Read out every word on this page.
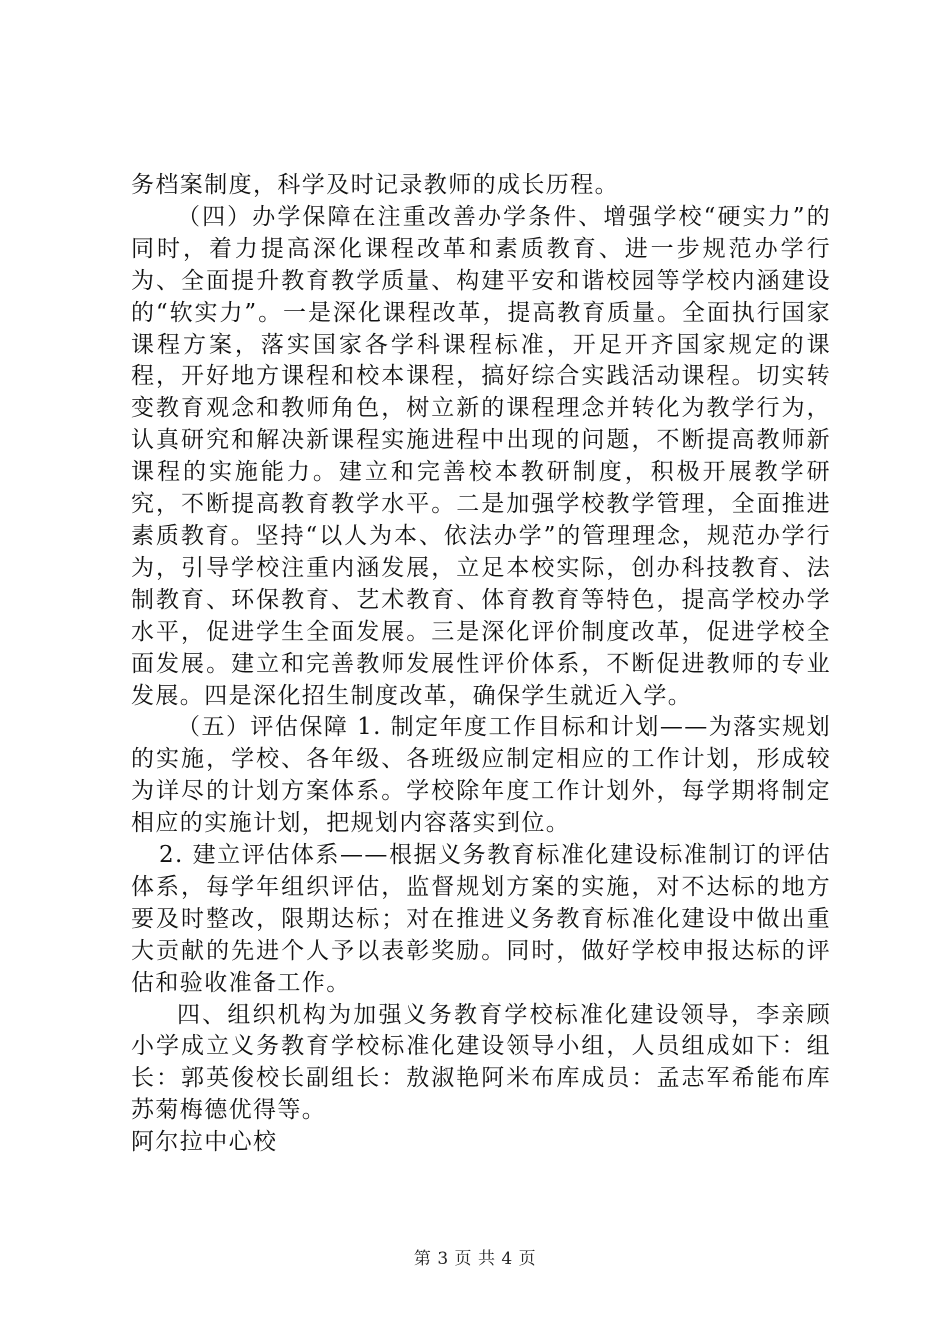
务档案制度，科学及时记录教师的成长历程。

（四）办学保障在注重改善办学条件、增强学校“硬实力”的同时，着力提高深化课程改革和素质教育、进一步规范办学行为、全面提升教育教学质量、构建平安和谐校园等学校内涵建设的“软实力”。一是深化课程改革，提高教育质量。全面执行国家课程方案，落实国家各学科课程标准，开足开齐国家规定的课程，开好地方课程和校本课程，搞好综合实践活动课程。切实转变教育观念和教师角色，树立新的课程理念并转化为教学行为，认真研究和解决新课程实施进程中出现的问题，不断提高教师新课程的实施能力。建立和完善校本教研制度，积极开展教学研究，不断提高教育教学水平。二是加强学校教学管理，全面推进素质教育。坚持“以人为本、依法办学”的管理理念，规范办学行为，引导学校注重内涵发展，立足本校实际，创办科技教育、法制教育、环保教育、艺术教育、体育教育等特色，提高学校办学水平，促进学生全面发展。三是深化评价制度改革，促进学校全面发展。建立和完善教师发展性评价体系，不断促进教师的专业发展。四是深化招生制度改革，确保学生就近入学。

（五）评估保障 1. 制定年度工作目标和计划——为落实规划的实施，学校、各年级、各班级应制定相应的工作计划，形成较为详尽的计划方案体系。学校除年度工作计划外，每学期将制定相应的实施计划，把规划内容落实到位。

2. 建立评估体系——根据义务教育标准化建设标准制订的评估体系，每学年组织评估，监督规划方案的实施，对不达标的地方要及时整改，限期达标；对在推进义务教育标准化建设中做出重大贡献的先进个人予以表彰奖励。同时，做好学校申报达标的评估和验收准备工作。

四、组织机构为加强义务教育学校标准化建设领导，李亲顾小学成立义务教育学校标准化建设领导小组，人员组成如下：组长：郭英俊校长副组长：敖淑艳阿米布库成员：孟志军希能布库苏菊梅德优得等。

阿尔拉中心校

第 3 页 共 4 页
